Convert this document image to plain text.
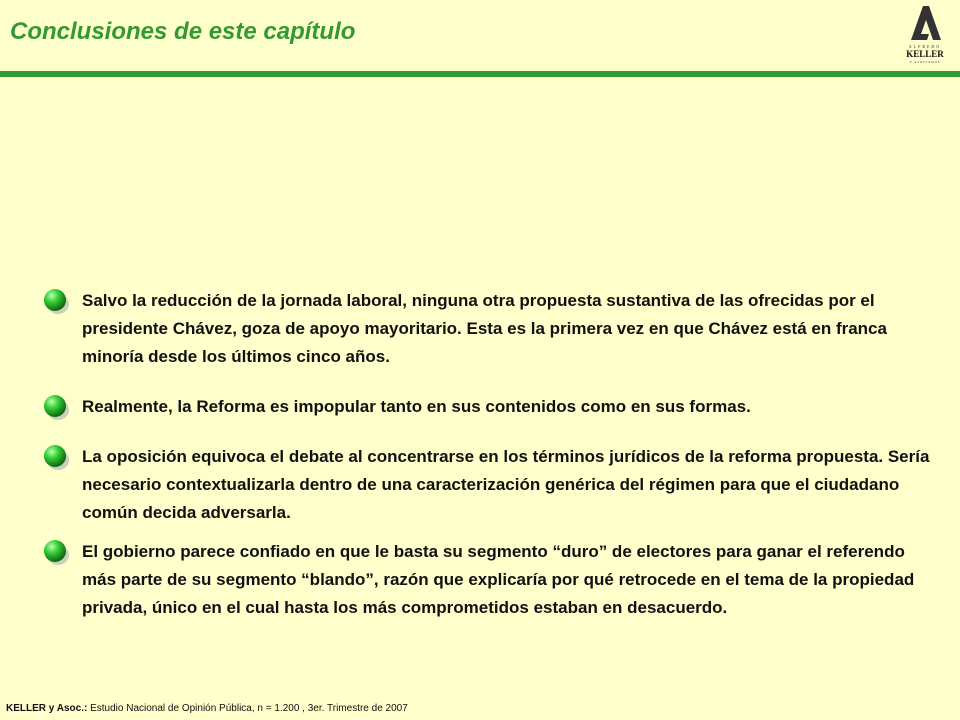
Conclusiones de este capítulo
ALFREDO
KELLER
Y ASOCIADOS

Salvo la reducción de la jornada laboral, ninguna otra propuesta sustantiva de las ofrecidas por el presidente Chávez, goza de apoyo mayoritario. Esta es la primera vez en que Chávez está en franca minoría desde los últimos cinco años.

Realmente, la Reforma es impopular tanto en sus contenidos como en sus formas.

La oposición equivoca el debate al concentrarse en los términos jurídicos de la reforma propuesta. Sería necesario contextualizarla dentro de una caracterización genérica del régimen para que el ciudadano común decida adversarla.

El gobierno parece confiado en que le basta su segmento “duro” de electores para ganar el referendo más parte de su segmento “blando”, razón que explicaría por qué retrocede en el tema de la propiedad privada, único en el cual hasta los más comprometidos estaban en desacuerdo.

KELLER y Asoc.: Estudio Nacional de Opinión Pública, n = 1.200 , 3er. Trimestre de 2007
